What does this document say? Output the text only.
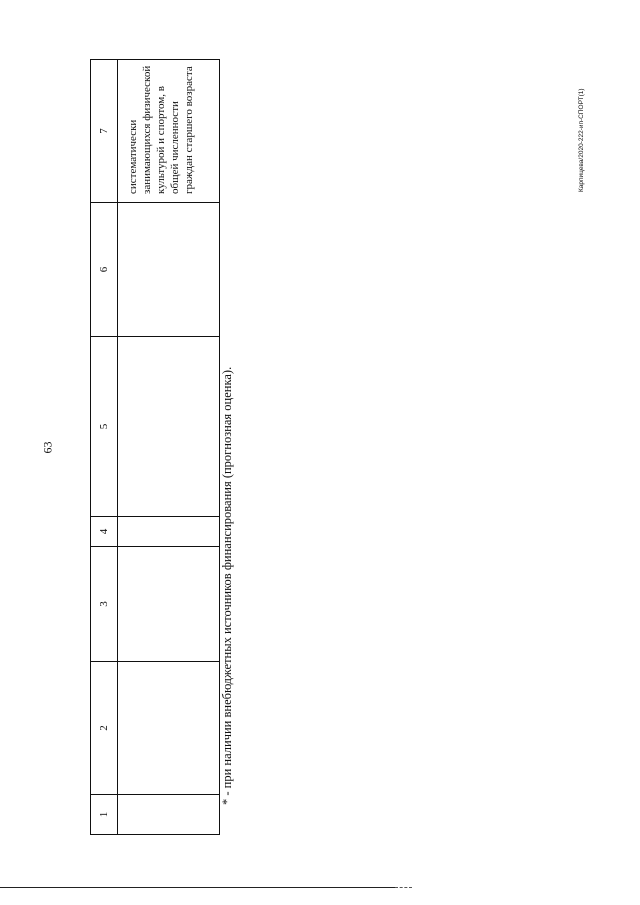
63
1	2	3	4	5	6	7
						систематически занимающихся физической культурой и спортом, в общей численности граждан старшего возраста
* - при наличии внебюджетных источников финансирования (прогнозная оценка).
Карпицева/2020-222-ип-СПОРТ(1)
